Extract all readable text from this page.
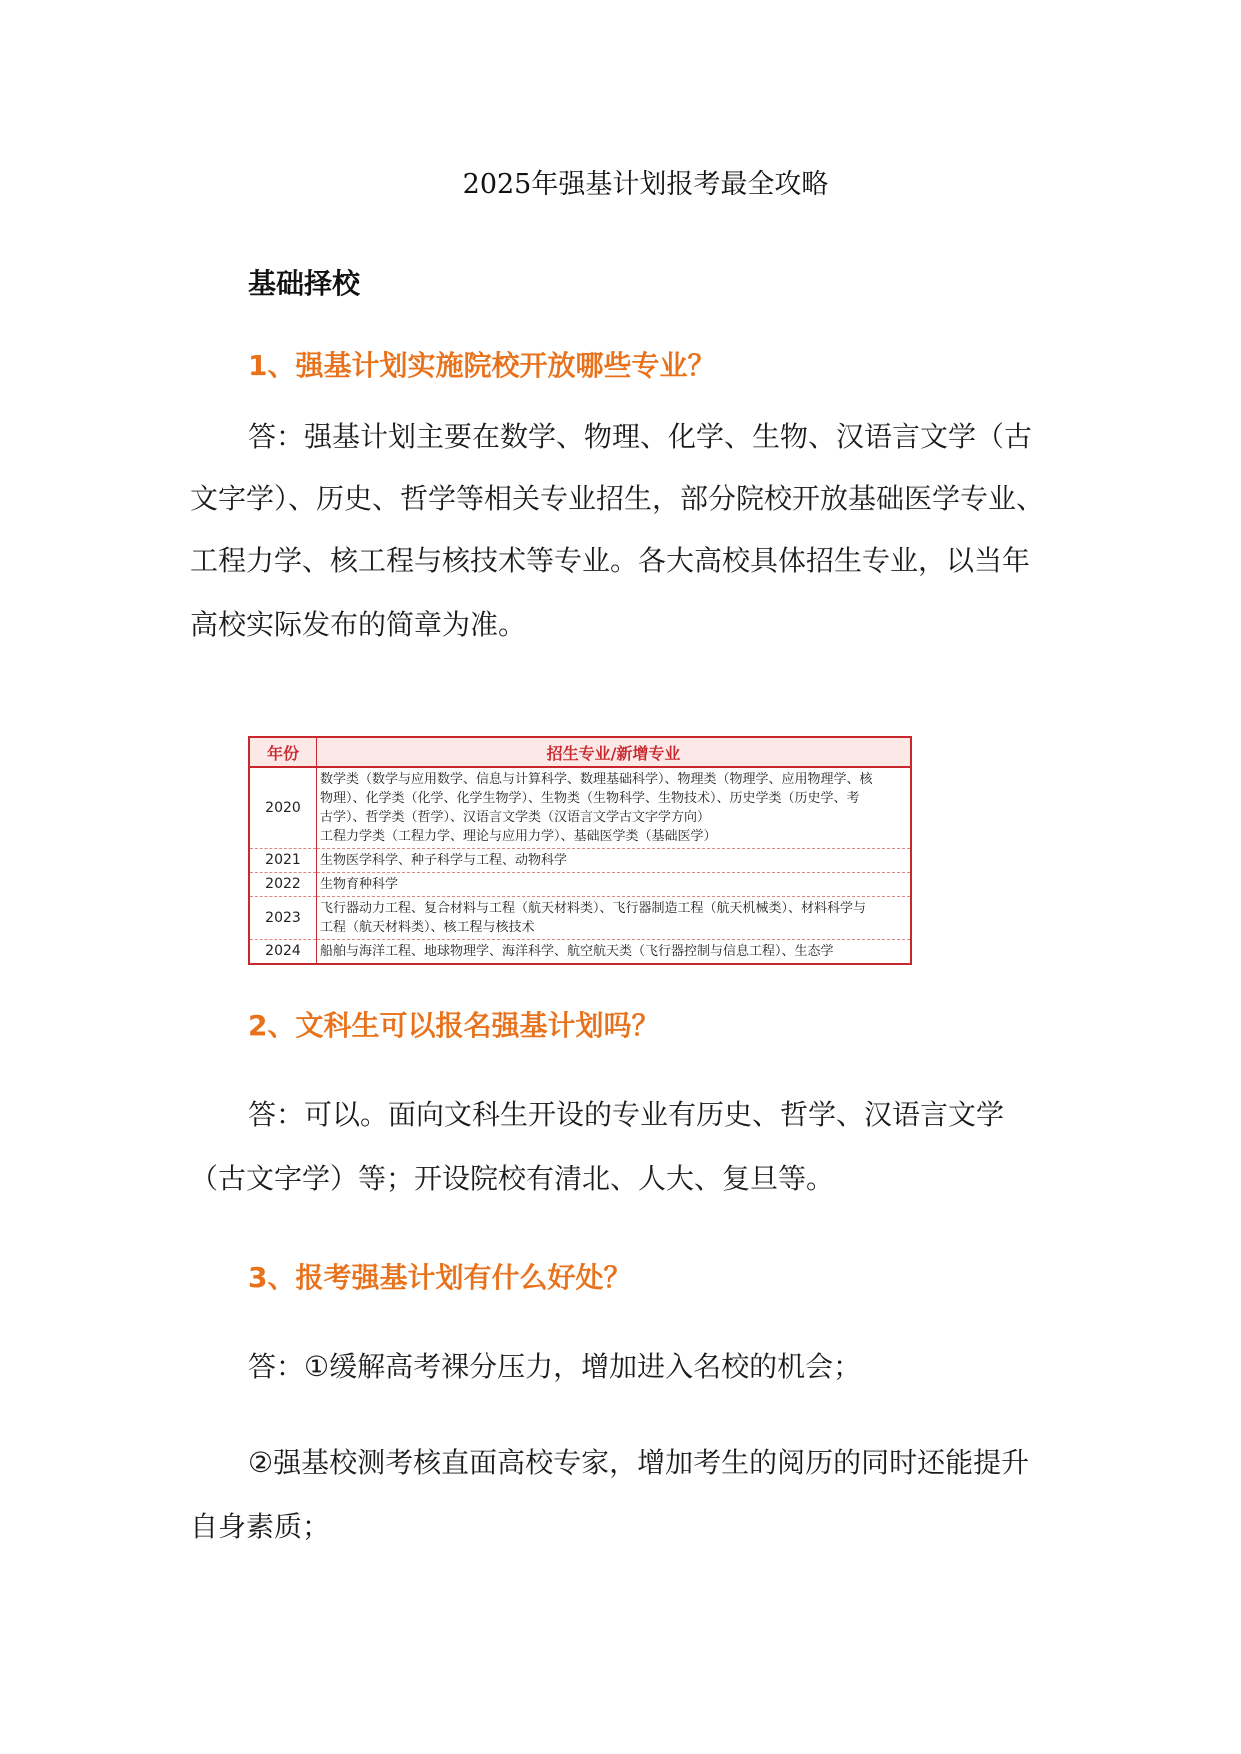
2025年强基计划报考最全攻略
基础择校
1、强基计划实施院校开放哪些专业？
答：强基计划主要在数学、物理、化学、生物、汉语言文学（古
文字学）、历史、哲学等相关专业招生，部分院校开放基础医学专业、
工程力学、核工程与核技术等专业。各大高校具体招生专业，以当年
高校实际发布的简章为准。
年份	招生专业/新增专业
2020	数学类（数学与应用数学、信息与计算科学、数理基础科学）、物理类（物理学、应用物理学、核
物理）、化学类（化学、化学生物学）、生物类（生物科学、生物技术）、历史学类（历史学、考
古学）、哲学类（哲学）、汉语言文学类（汉语言文学古文字学方向）
工程力学类（工程力学、理论与应用力学）、基础医学类（基础医学）

2021	生物医学科学、种子科学与工程、动物科学

2022	生物育种科学

2023	飞行器动力工程、复合材料与工程（航天材料类）、飞行器制造工程（航天机械类）、材料科学与
工程（航天材料类）、核工程与核技术

2024	船舶与海洋工程、地球物理学、海洋科学、航空航天类（飞行器控制与信息工程）、生态学
2、文科生可以报名强基计划吗？
答：可以。面向文科生开设的专业有历史、哲学、汉语言文学
（古文字学）等；开设院校有清北、人大、复旦等。
3、报考强基计划有什么好处？
答：①缓解高考裸分压力，增加进入名校的机会；
②强基校测考核直面高校专家，增加考生的阅历的同时还能提升
自身素质；
